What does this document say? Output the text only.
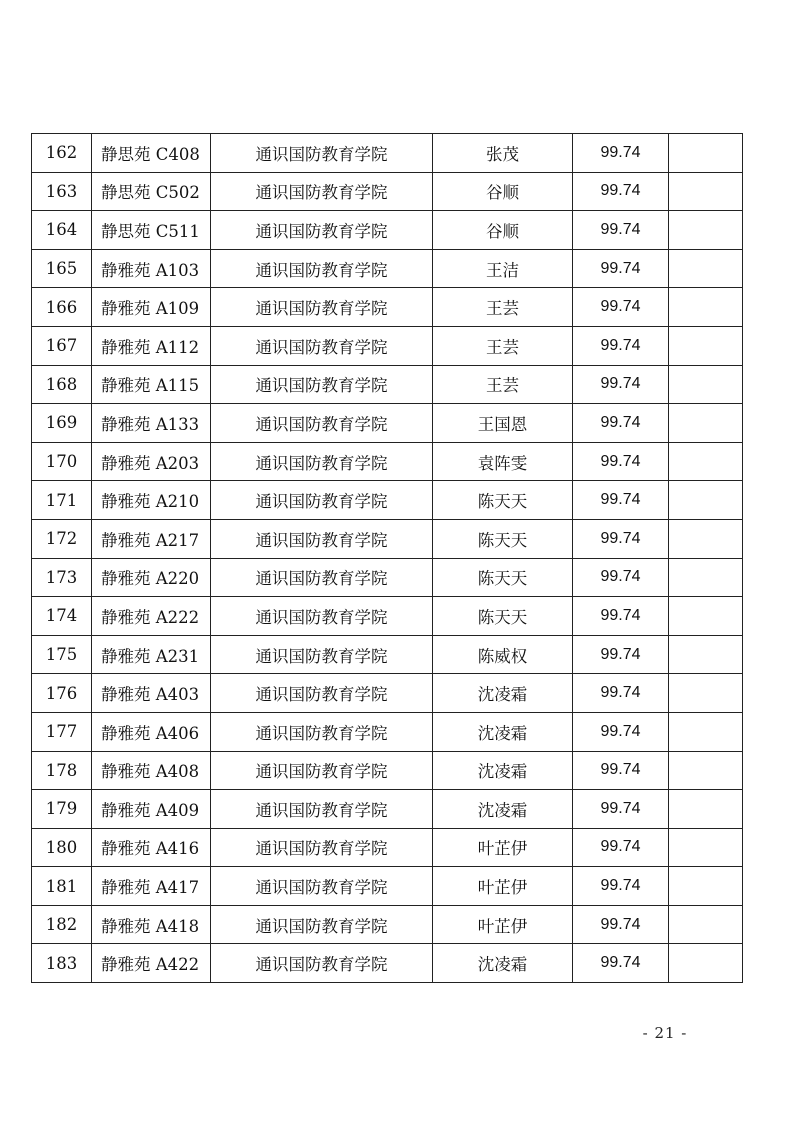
162	静思苑 C408	通识国防教育学院	张茂	99.74	
163	静思苑 C502	通识国防教育学院	谷顺	99.74	
164	静思苑 C511	通识国防教育学院	谷顺	99.74	
165	静雅苑 A103	通识国防教育学院	王洁	99.74	
166	静雅苑 A109	通识国防教育学院	王芸	99.74	
167	静雅苑 A112	通识国防教育学院	王芸	99.74	
168	静雅苑 A115	通识国防教育学院	王芸	99.74	
169	静雅苑 A133	通识国防教育学院	王国恩	99.74	
170	静雅苑 A203	通识国防教育学院	袁阵雯	99.74	
171	静雅苑 A210	通识国防教育学院	陈天天	99.74	
172	静雅苑 A217	通识国防教育学院	陈天天	99.74	
173	静雅苑 A220	通识国防教育学院	陈天天	99.74	
174	静雅苑 A222	通识国防教育学院	陈天天	99.74	
175	静雅苑 A231	通识国防教育学院	陈威权	99.74	
176	静雅苑 A403	通识国防教育学院	沈凌霜	99.74	
177	静雅苑 A406	通识国防教育学院	沈凌霜	99.74	
178	静雅苑 A408	通识国防教育学院	沈凌霜	99.74	
179	静雅苑 A409	通识国防教育学院	沈凌霜	99.74	
180	静雅苑 A416	通识国防教育学院	叶芷伊	99.74	
181	静雅苑 A417	通识国防教育学院	叶芷伊	99.74	
182	静雅苑 A418	通识国防教育学院	叶芷伊	99.74	
183	静雅苑 A422	通识国防教育学院	沈凌霜	99.74	
- 21 -
